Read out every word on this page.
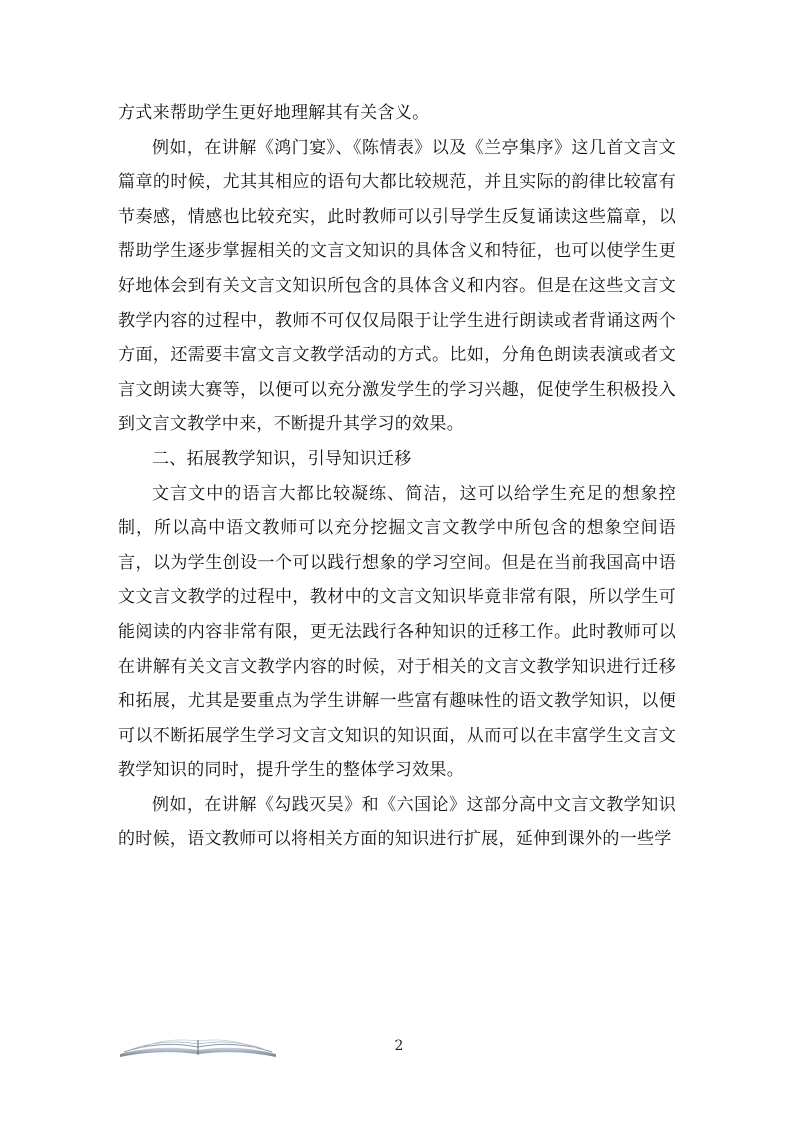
方式来帮助学生更好地理解其有关含义。

例如，在讲解《鸿门宴》、《陈情表》以及《兰亭集序》这几首文言文篇章的时候，尤其其相应的语句大都比较规范，并且实际的韵律比较富有节奏感，情感也比较充实，此时教师可以引导学生反复诵读这些篇章，以帮助学生逐步掌握相关的文言文知识的具体含义和特征，也可以使学生更好地体会到有关文言文知识所包含的具体含义和内容。但是在这些文言文教学内容的过程中，教师不可仅仅局限于让学生进行朗读或者背诵这两个方面，还需要丰富文言文教学活动的方式。比如，分角色朗读表演或者文言文朗读大赛等，以便可以充分激发学生的学习兴趣，促使学生积极投入到文言文教学中来，不断提升其学习的效果。

二、拓展教学知识，引导知识迁移

文言文中的语言大都比较凝练、简洁，这可以给学生充足的想象控制，所以高中语文教师可以充分挖掘文言文教学中所包含的想象空间语言，以为学生创设一个可以践行想象的学习空间。但是在当前我国高中语文文言文教学的过程中，教材中的文言文知识毕竟非常有限，所以学生可能阅读的内容非常有限，更无法践行各种知识的迁移工作。此时教师可以在讲解有关文言文教学内容的时候，对于相关的文言文教学知识进行迁移和拓展，尤其是要重点为学生讲解一些富有趣味性的语文教学知识，以便可以不断拓展学生学习文言文知识的知识面，从而可以在丰富学生文言文教学知识的同时，提升学生的整体学习效果。

例如，在讲解《勾践灭吴》和《六国论》这部分高中文言文教学知识的时候，语文教师可以将相关方面的知识进行扩展，延伸到课外的一些学

2
